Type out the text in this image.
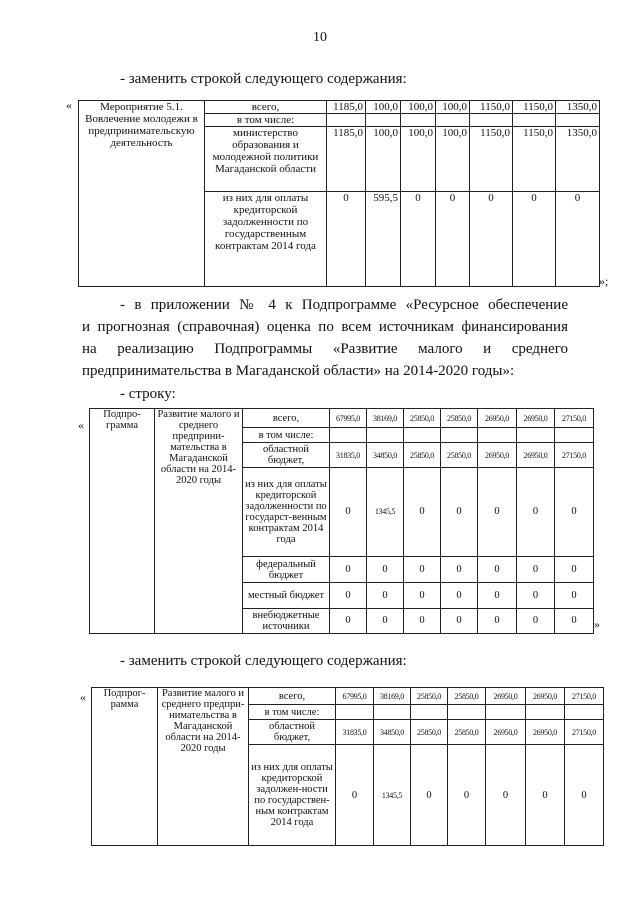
10
- заменить строкой следующего содержания:
«
»;
Мероприятие 5.1. Вовлечение молодежи в предпринимательскую деятельность	всего,	1185,0	100,0	100,0	100,0	1150,0	1150,0	1350,0
	в том числе:							
	министерство образования и молодежной политики Магаданской области	1185,0	100,0	100,0	100,0	1150,0	1150,0	1350,0
	из них для оплаты кредиторской задолженности по государственным контрактам 2014 года	0	595,5	0	0	0	0	0
- в приложении № 4 к Подпрограмме «Ресурсное обеспечение
и прогнозная (справочная) оценка по всем источникам финансирования
на реализацию Подпрограммы «Развитие малого и среднего
предпринимательства в Магаданской области» на 2014-2020 годы»:
- строку:
«
»
Подпро-грамма	Развитие малого и среднего предприни-мательства в Магаданской области на 2014-2020 годы	всего,	67995,0	38169,0	25850,0	25850,0	26950,0	26950,0	27150,0
		в том числе:							
		областной бюджет,	31835,0	34850,0	25850,0	25850,0	26950,0	26950,0	27150,0
		из них для оплаты кредиторской задолженности по государст-венным контрактам 2014 года	0	1345,5	0	0	0	0	0
		федеральный бюджет	0	0	0	0	0	0	0
		местный бюджет	0	0	0	0	0	0	0
		внебюджетные источники	0	0	0	0	0	0	0
- заменить строкой следующего содержания:
« Подпрог-рамма	Развитие малого и среднего предпри-нимательства в Магаданской области на 2014-2020 годы	всего,	67995,0	38169,0	25850,0	25850,0	26950,0	26950,0	27150,0
		в том числе:							
		областной бюджет,	31835,0	34850,0	25850,0	25850,0	26950,0	26950,0	27150,0
		из них для оплаты кредиторской задолжен-ности по государствен-ным контрактам 2014 года	0	1345,5	0	0	0	0	0
